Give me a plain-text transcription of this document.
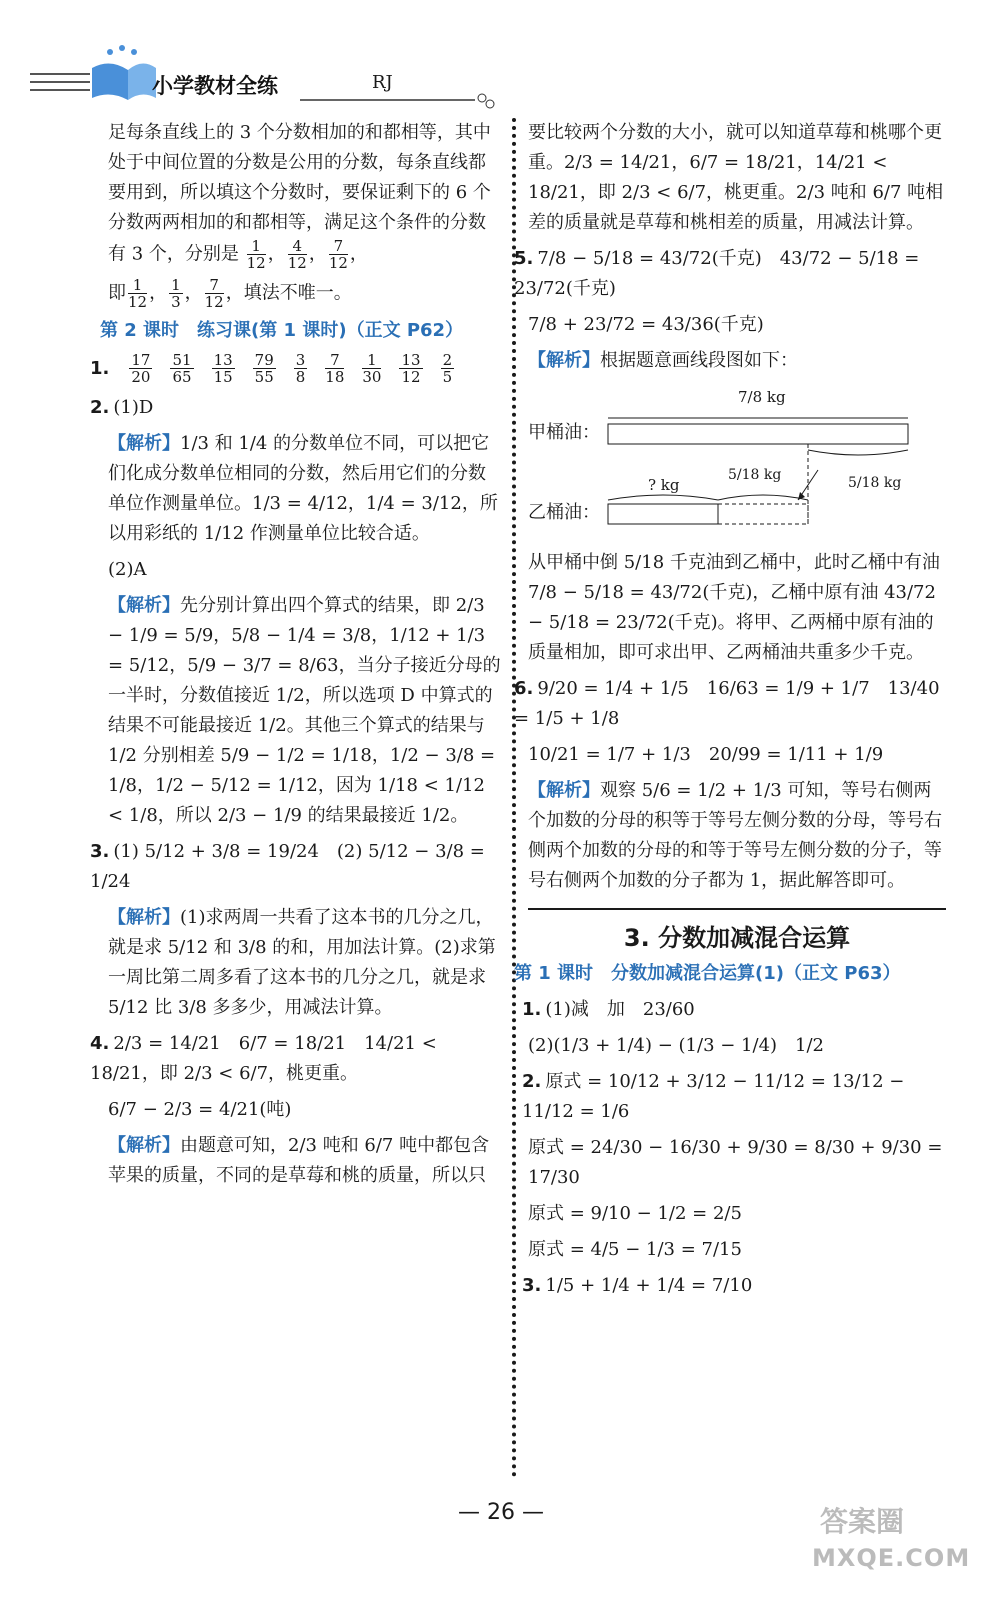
小学教材全练	RJ

足每条直线上的 3 个分数相加的和都相等，其中处于中间位置的分数是公用的分数，每条直线都要用到，所以填这个分数时，要保证剩下的 6 个分数两两相加的和都相等，满足这个条件的分数有 3 个，分别是 $\frac{1}{12}$ ， $\frac{4}{12}$ ， $\frac{7}{12}$ ，

即 $\frac{1}{12}$ ， $\frac{1}{3}$ ， $\frac{7}{12}$ ，填法不唯一。

第 2 课时　练习课(第 1 课时)（正文 P62）

1. $\frac{17}{20} \frac{51}{65} \frac{13}{15} \frac{79}{55} \frac{3}{8} \frac{7}{18} \frac{1}{30} \frac{13}{12} \frac{2}{5}$

2. (1)D

【解析】1/3 和 1/4 的分数单位不同，可以把它们化成分数单位相同的分数，然后用它们的分数单位作测量单位。1/3 = 4/12，1/4 = 3/12，所以用彩纸的 1/12 作测量单位比较合适。

(2)A

【解析】先分别计算出四个算式的结果，即 2/3 − 1/9 = 5/9，5/8 − 1/4 = 3/8，1/12 + 1/3 = 5/12，5/9 − 3/7 = 8/63，当分子接近分母的一半时，分数值接近 1/2，所以选项 D 中算式的结果不可能最接近 1/2。其他三个算式的结果与 1/2 分别相差 5/9 − 1/2 = 1/18，1/2 − 3/8 = 1/8，1/2 − 5/12 = 1/12，因为 1/18 < 1/12 < 1/8，所以 2/3 − 1/9 的结果最接近 1/2。

3. (1) 5/12 + 3/8 = 19/24　(2) 5/12 − 3/8 = 1/24

【解析】(1)求两周一共看了这本书的几分之几，就是求 5/12 和 3/8 的和，用加法计算。(2)求第一周比第二周多看了这本书的几分之几，就是求 5/12 比 3/8 多多少，用减法计算。

4. 2/3 = 14/21　6/7 = 18/21　14/21 < 18/21，即 2/3 < 6/7，桃更重。

6/7 − 2/3 = 4/21(吨)

【解析】由题意可知，2/3 吨和 6/7 吨中都包含苹果的质量，不同的是草莓和桃的质量，所以只

要比较两个分数的大小，就可以知道草莓和桃哪个更重。2/3 = 14/21，6/7 = 18/21，14/21 < 18/21，即 2/3 < 6/7，桃更重。2/3 吨和 6/7 吨相差的质量就是草莓和桃相差的质量，用减法计算。

5. 7/8 − 5/18 = 43/72(千克)　43/72 − 5/18 = 23/72(千克)

7/8 + 23/72 = 43/36(千克)

【解析】根据题意画线段图如下：

7/8 kg
甲桶油：
乙桶油：
? kg
5/18 kg	5/18 kg

从甲桶中倒 5/18 千克油到乙桶中，此时乙桶中有油 7/8 − 5/18 = 43/72(千克)，乙桶中原有油 43/72 − 5/18 = 23/72(千克)。将甲、乙两桶中原有油的质量相加，即可求出甲、乙两桶油共重多少千克。

6. 9/20 = 1/4 + 1/5　16/63 = 1/9 + 1/7　13/40 = 1/5 + 1/8

10/21 = 1/7 + 1/3　20/99 = 1/11 + 1/9

【解析】观察 5/6 = 1/2 + 1/3 可知，等号右侧两个加数的分母的积等于等号左侧分数的分母，等号右侧两个加数的分母的和等于等号左侧分数的分子，等号右侧两个加数的分子都为 1，据此解答即可。

3. 分数加减混合运算

第 1 课时　分数加减混合运算(1)（正文 P63）

1. (1)减　加　23/60

(2)(1/3 + 1/4) − (1/3 − 1/4)　1/2

2. 原式 = 10/12 + 3/12 − 11/12 = 13/12 − 11/12 = 1/6

原式 = 24/30 − 16/30 + 9/30 = 8/30 + 9/30 = 17/30

原式 = 9/10 − 1/2 = 2/5

原式 = 4/5 − 1/3 = 7/15

3. 1/5 + 1/4 + 1/4 = 7/10

— 26 —	答案圈
MXQE.COM
